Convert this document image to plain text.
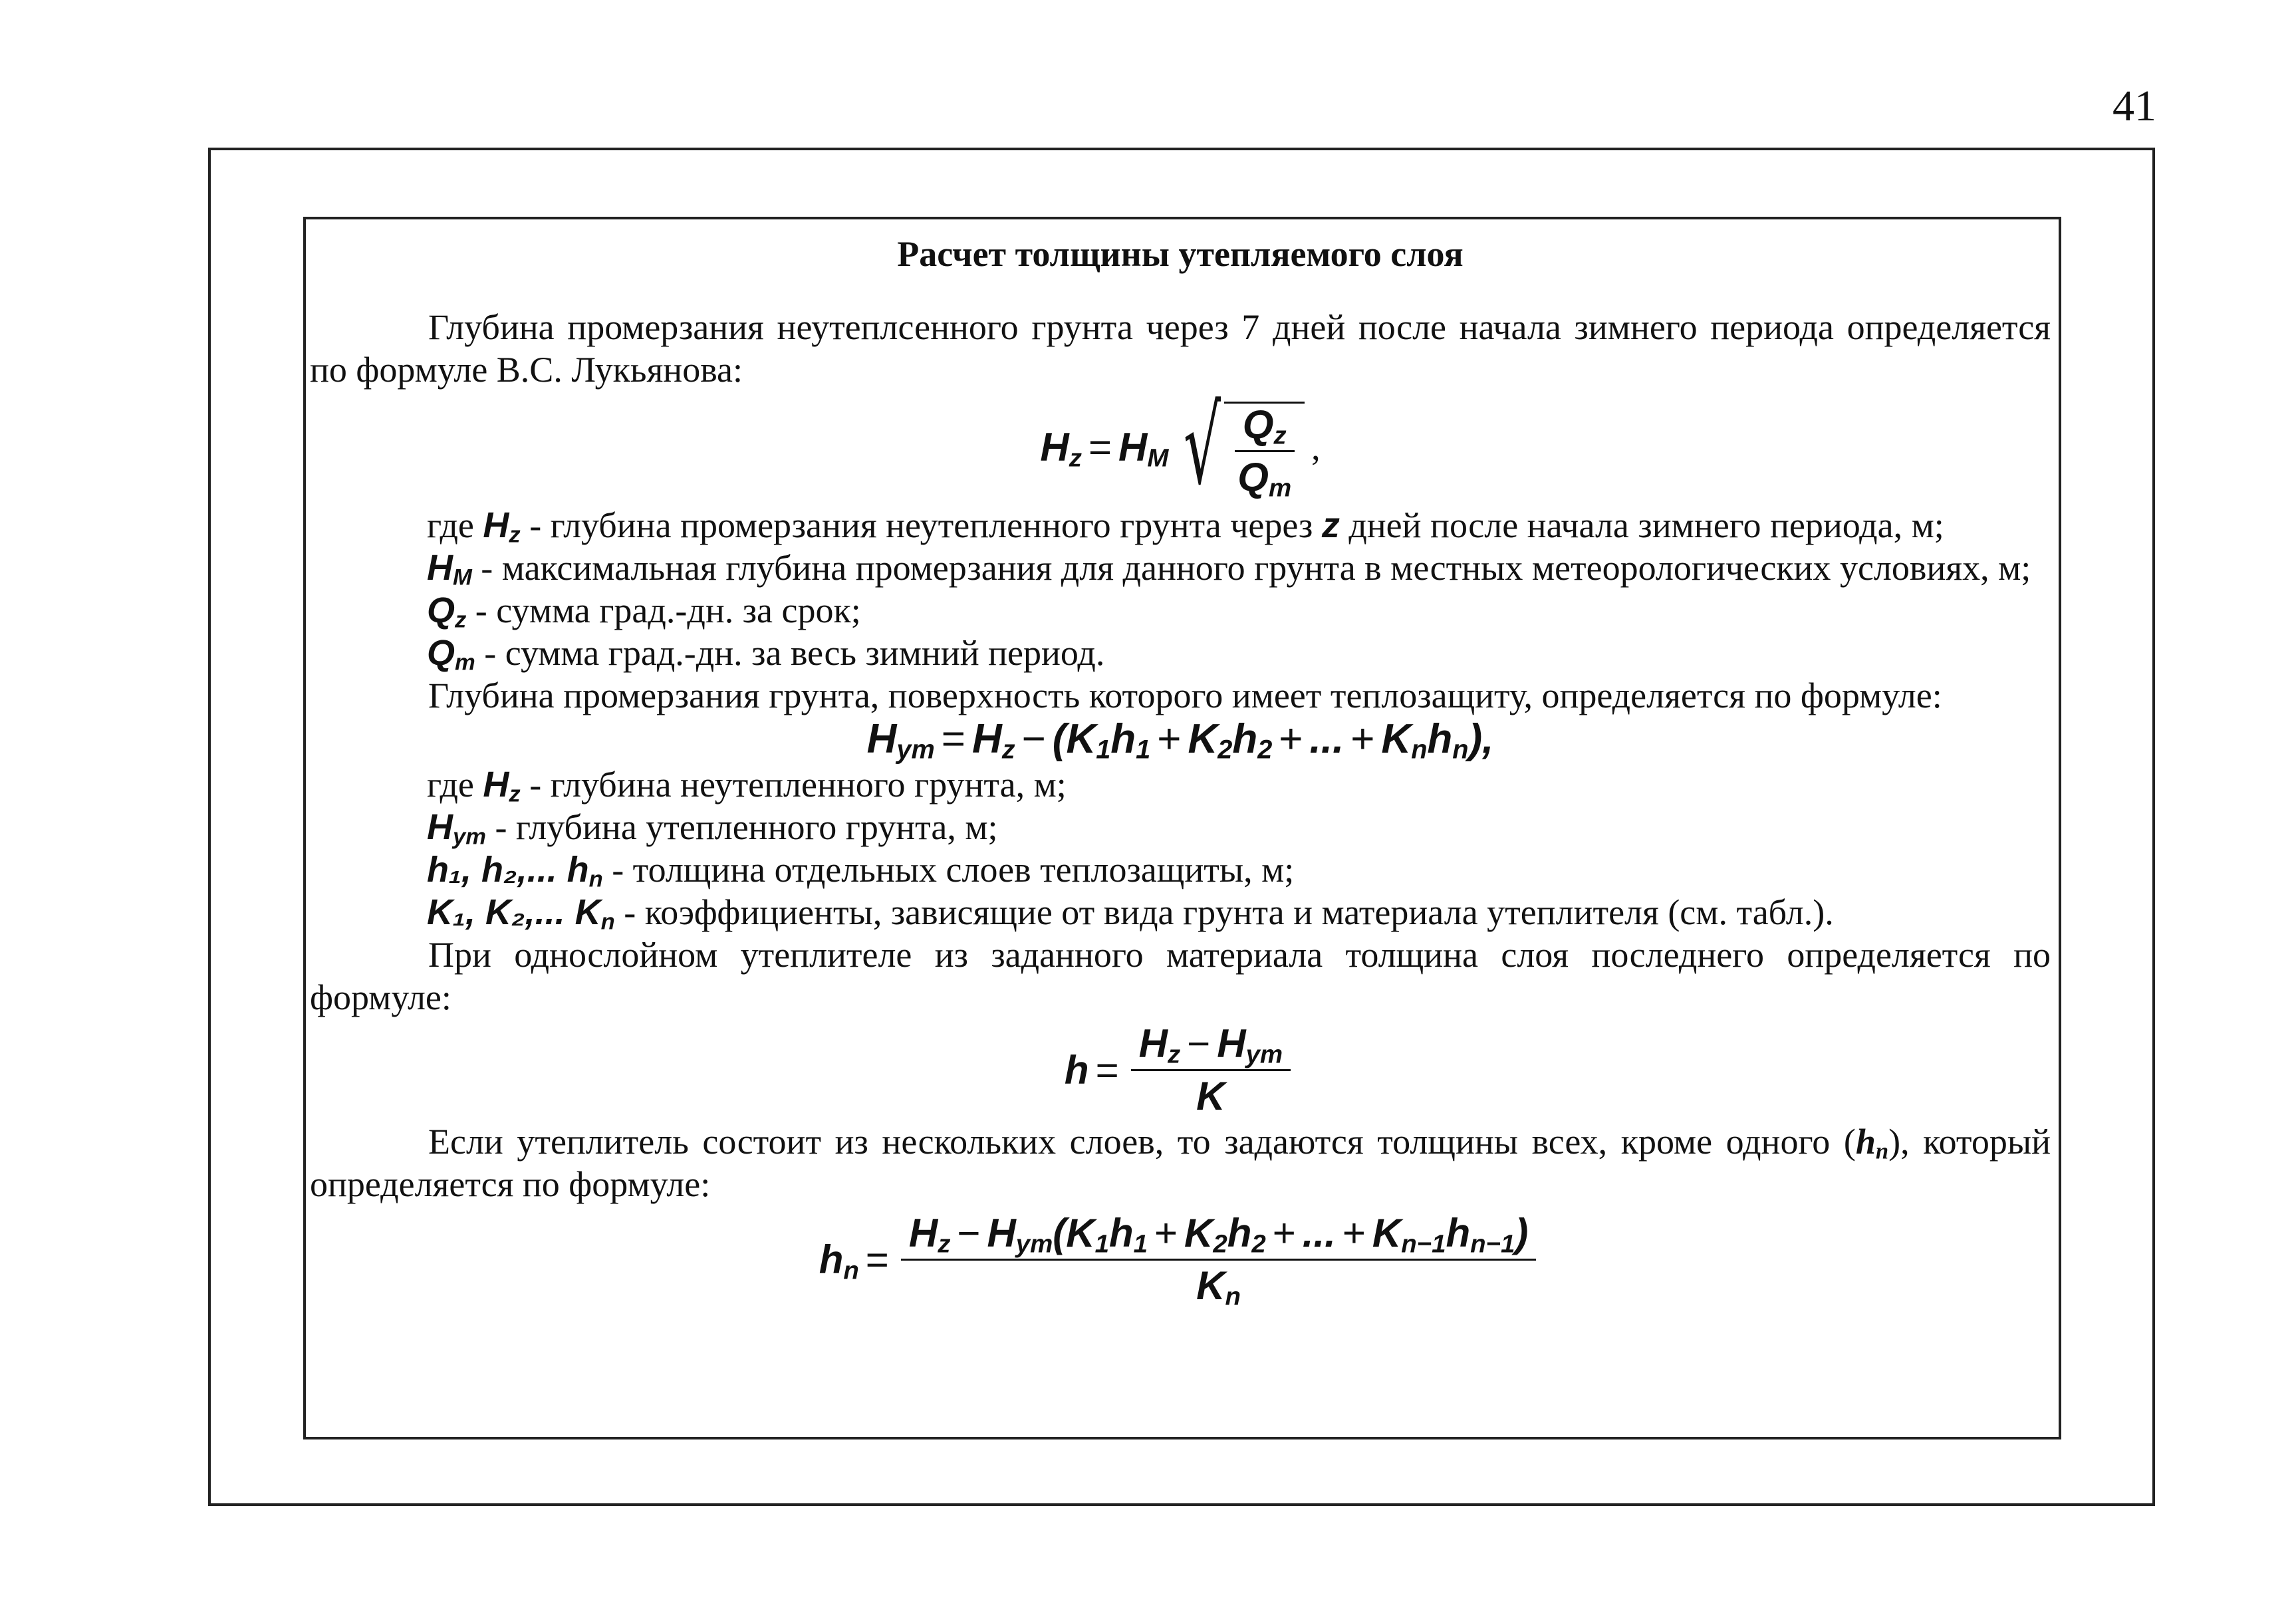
41
Расчет толщины утепляемого слоя

Глубина промерзания неутеплсенного грунта через 7 дней после начала зимнего периода определяется по формуле В.С. Лукьянова:

$H_z = H_M$ √ $\frac{Q_z}{Q_m}$ ,

где $H_z$ - глубина промерзания неутепленного грунта через z дней после начала зимнего периода, м;

$H_M$ - максимальная глубина промерзания для данного грунта в местных метеорологических условиях, м;

$Q_z$ - сумма град.-дн. за срок;

$Q_m$ - сумма град.-дн. за весь зимний период.

Глубина промерзания грунта, поверхность которого имеет теплозащиту, определяется по формуле:

$H_{ут} = H_z$ − ( $K_1$ $h_1 + K_2$ $h_2$ + ... + $K_n$ $h_n$ ),

где $H_z$ - глубина неутепленного грунта, м;

$H_{ут}$ - глубина утепленного грунта, м;

h₁, h₂,... $h_n$ - толщина отдельных слоев теплозащиты, м;

K₁, K₂,... $K_n$ - коэффициенты, зависящие от вида грунта и материала утеплителя (см. табл.).

При однослойном утеплителе из заданного материала толщина слоя последнего определяется по формуле:

$h = \frac{H_z - H_{ут}}{K}$

Если утеплитель состоит из нескольких слоев, то задаются толщины всех, кроме одного $(h_n)$, который определяется по формуле:

$h_n = \frac{H_z - H_{ут}(K_1h_1 + K_2h_2 + ... + K_{n-1}h_{n-1})}{K_n}$
